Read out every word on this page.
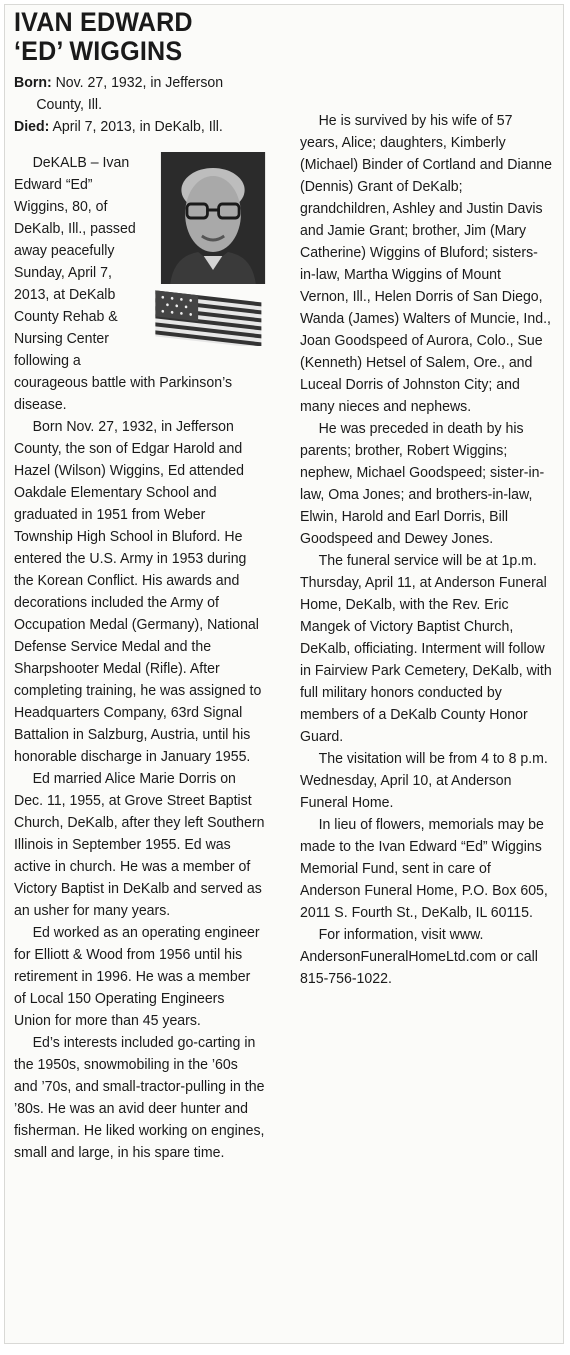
IVAN EDWARD
‘ED’ WIGGINS
Born: Nov. 27, 1932, in Jefferson
County, Ill.
Died: April 7, 2013, in DeKalb, Ill.

DeKALB – Ivan Edward “Ed” Wiggins, 80, of DeKalb, Ill., passed away peacefully Sunday, April 7, 2013, at DeKalb County Rehab & Nursing Center following a courageous battle with Parkinson’s disease.

Born Nov. 27, 1932, in Jefferson County, the son of Edgar Harold and Hazel (Wilson) Wiggins, Ed attended Oakdale Elementary School and graduated in 1951 from Weber Township High School in Bluford. He entered the U.S. Army in 1953 during the Korean Conflict. His awards and decorations included the Army of Occupation Medal (Germany), National Defense Service Medal and the Sharpshooter Medal (Rifle). After completing training, he was assigned to Headquarters Company, 63rd Signal Battalion in Salzburg, Austria, until his honorable discharge in January 1955.

Ed married Alice Marie Dorris on Dec. 11, 1955, at Grove Street Baptist Church, DeKalb, after they left Southern Illinois in September 1955. Ed was active in church. He was a member of Victory Baptist in DeKalb and served as an usher for many years.

Ed worked as an operating engineer for Elliott & Wood from 1956 until his retirement in 1996. He was a member of Local 150 Operating Engineers Union for more than 45 years.

Ed’s interests included go-carting in the 1950s, snowmobiling in the ’60s and ’70s, and small-tractor-pulling in the ’80s. He was an avid deer hunter and fisherman. He liked working on engines, small and large, in his spare time.

He is survived by his wife of 57 years, Alice; daughters, Kimberly (Michael) Binder of Cortland and Dianne (Dennis) Grant of DeKalb; grandchildren, Ashley and Justin Davis and Jamie Grant; brother, Jim (Mary Catherine) Wiggins of Bluford; sisters-in-law, Martha Wiggins of Mount Vernon, Ill., Helen Dorris of San Diego, Wanda (James) Walters of Muncie, Ind., Joan Goodspeed of Aurora, Colo., Sue (Kenneth) Hetsel of Salem, Ore., and Luceal Dorris of Johnston City; and many nieces and nephews.

He was preceded in death by his parents; brother, Robert Wiggins; nephew, Michael Goodspeed; sister-in-law, Oma Jones; and brothers-in-law, Elwin, Harold and Earl Dorris, Bill Goodspeed and Dewey Jones.

The funeral service will be at 1p.m. Thursday, April 11, at Anderson Funeral Home, DeKalb, with the Rev. Eric Mangek of Victory Baptist Church, DeKalb, officiating. Interment will follow in Fairview Park Cemetery, DeKalb, with full military honors conducted by members of a DeKalb County Honor Guard.

The visitation will be from 4 to 8 p.m. Wednesday, April 10, at Anderson Funeral Home.

In lieu of flowers, memorials may be made to the Ivan Edward “Ed” Wiggins Memorial Fund, sent in care of Anderson Funeral Home, P.O. Box 605, 2011 S. Fourth St., DeKalb, IL 60115.

For information, visit www. AndersonFuneralHomeLtd.com or call 815-756-1022.
